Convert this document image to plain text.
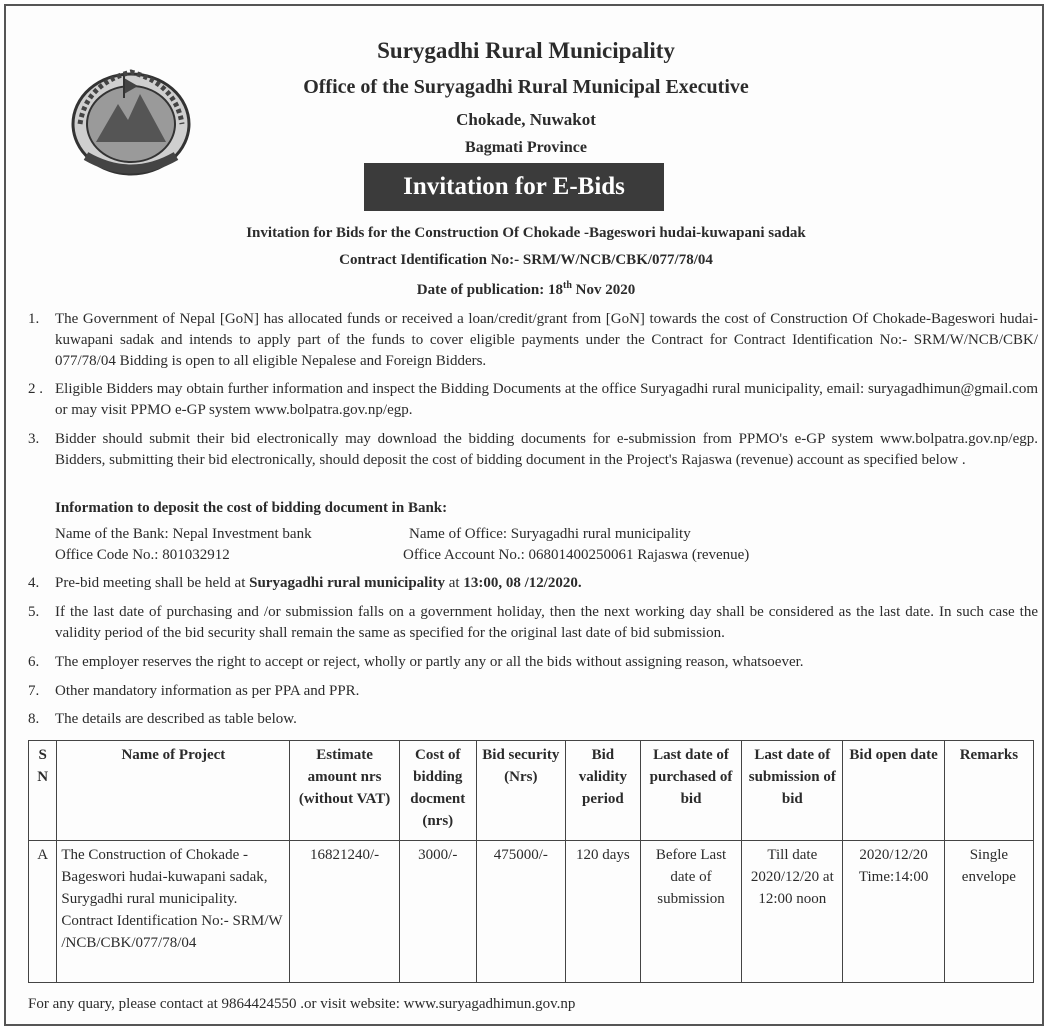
Surygadhi Rural Municipality
Office of the Suryagadhi Rural Municipal Executive
Chokade, Nuwakot
Bagmati Province
Invitation for E-Bids
Invitation for Bids for the Construction Of Chokade -Bageswori hudai-kuwapani sadak
Contract Identification No:- SRM/W/NCB/CBK/077/78/04
Date of publication: 18th Nov 2020
1. The Government of Nepal [GoN] has allocated funds or received a loan/credit/grant from [GoN] towards the cost of Construction Of Chokade-Bageswori hudai-kuwapani sadak and intends to apply part of the funds to cover eligible payments under the Contract for Contract Identification No:- SRM/W/NCB/CBK/ 077/78/04 Bidding is open to all eligible Nepalese and Foreign Bidders.
2 . Eligible Bidders may obtain further information and inspect the Bidding Documents at the office Suryagadhi rural municipality, email: suryagadhimun@gmail.com or may visit PPMO e-GP system www.bolpatra.gov.np/egp.
3. Bidder should submit their bid electronically may download the bidding documents for e-submission from PPMO's e-GP system www.bolpatra.gov.np/egp. Bidders, submitting their bid electronically, should deposit the cost of bidding document in the Project's Rajaswa (revenue) account as specified below .
Information to deposit the cost of bidding document in Bank:
Name of the Bank: Nepal Investment bank
Office Code No.: 801032912
Name of Office: Suryagadhi rural municipality
Office Account No.: 06801400250061 Rajaswa (revenue)
4. Pre-bid meeting shall be held at Suryagadhi rural municipality at 13:00, 08 /12/2020.
5. If the last date of purchasing and /or submission falls on a government holiday, then the next working day shall be considered as the last date. In such case the validity period of the bid security shall remain the same as specified for the original last date of bid submission.
6. The employer reserves the right to accept or reject, wholly or partly any or all the bids without assigning reason, whatsoever.
7. Other mandatory information as per PPA and PPR.
8. The details are described as table below.
S N	Name of Project	Estimate amount nrs (without VAT)	Cost of bidding docment (nrs)	Bid security (Nrs)	Bid validity period	Last date of purchased of bid	Last date of submission of bid	Bid open date	Remarks
A	The Construction of Chokade -Bageswori hudai-kuwapani sadak, Surygadhi rural municipality. Contract Identification No:- SRM/W /NCB/CBK/077/78/04	16821240/-	3000/-	475000/-	120 days	Before Last date of submission	Till date 2020/12/20 at 12:00 noon	2020/12/20 Time:14:00	Single envelope
For any quary, please contact at 9864424550 .or visit website: www.suryagadhimun.gov.np
